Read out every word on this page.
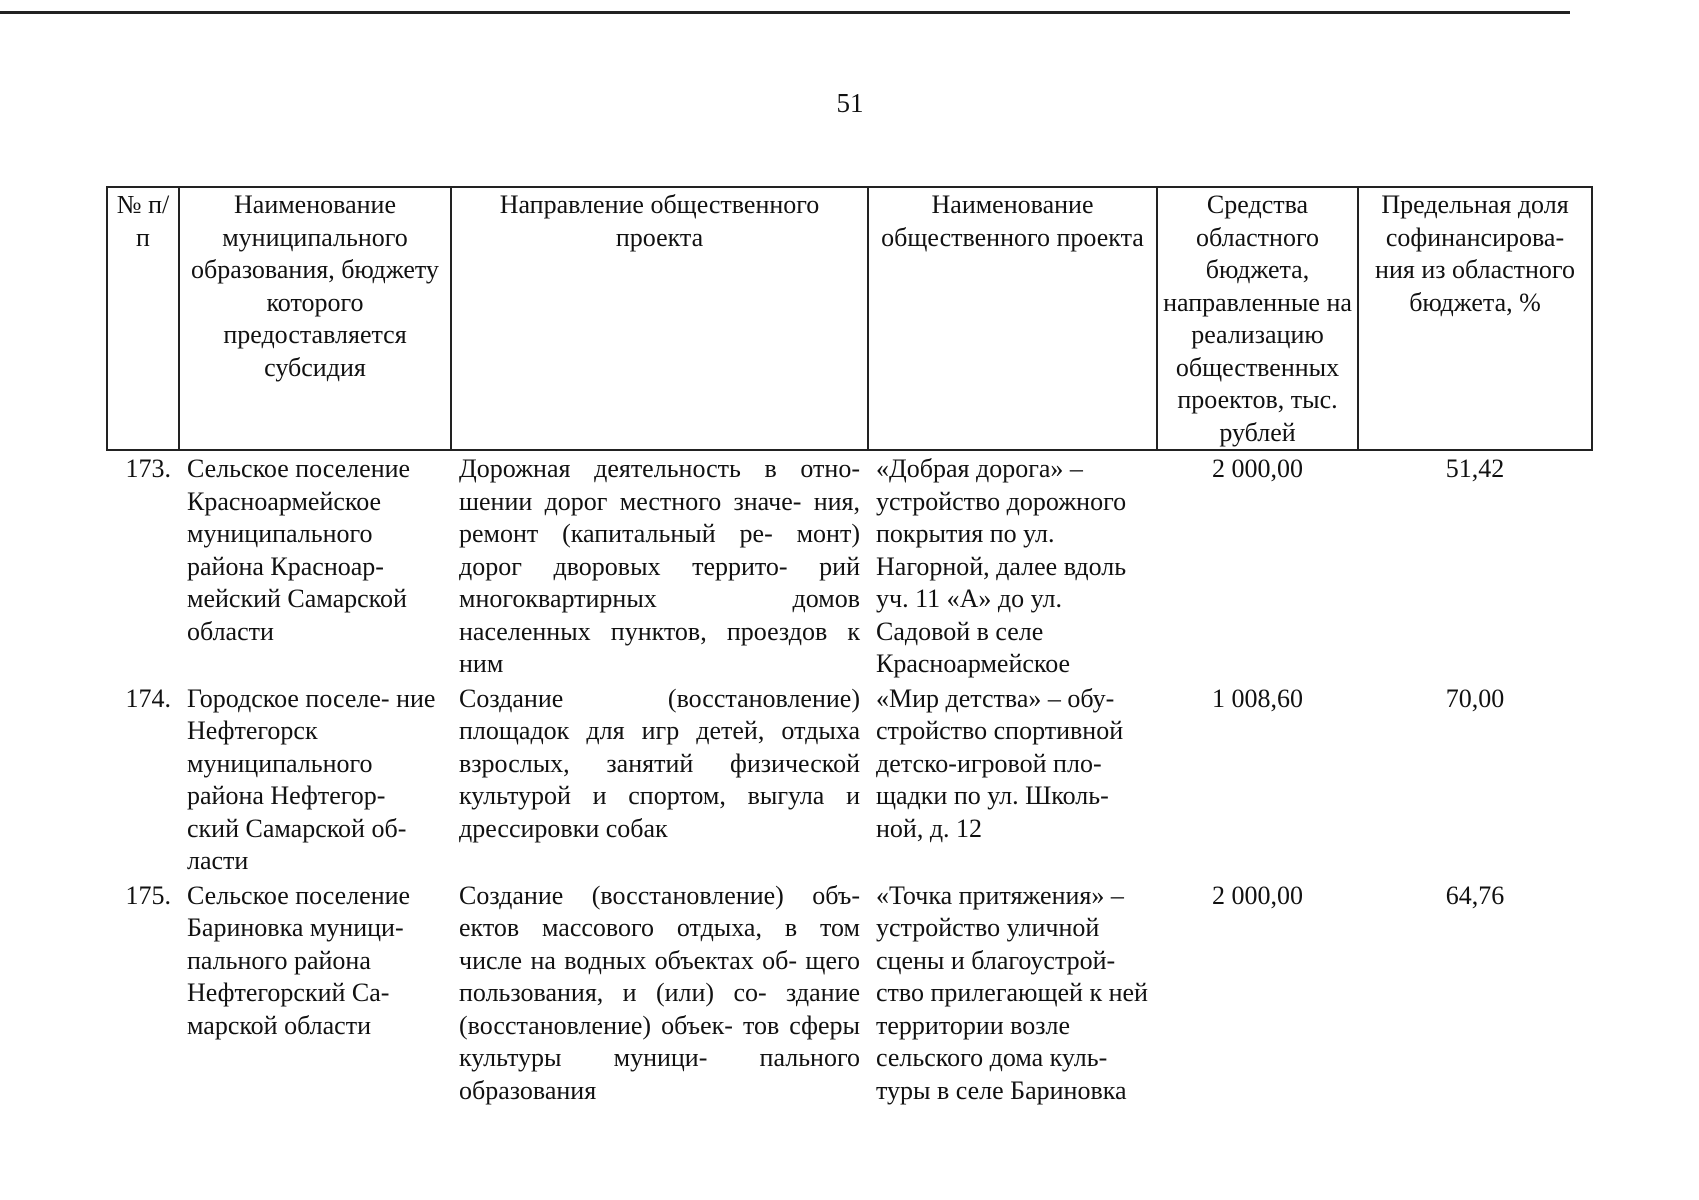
51
№ п/п	Наименование муниципального образования, бюджету которого предоставляется субсидия	Направление общественного проекта	Наименование общественного проекта	Средства областного бюджета, направленные на реализацию общественных проектов, тыс. рублей	Предельная доля софинансирова- ния из областного бюджета, %
173.	Сельское поселение Красноармейское муниципального района Красноар- мейский Самарской области	Дорожная деятельность в отно- шении дорог местного значе- ния, ремонт (капитальный ре- монт) дорог дворовых террито- рий многоквартирных домов населенных пунктов, проездов к ним	«Добрая дорога» – устройство дорожного покрытия по ул. Нагорной, далее вдоль уч. 11 «А» до ул. Садовой в селе Красноармейское	2 000,00	51,42
174.	Городское поселе- ние Нефтегорск муниципального района Нефтегор- ский Самарской об- ласти	Создание (восстановление) площадок для игр детей, отдыха взрослых, занятий физической культурой и спортом, выгула и дрессировки собак	«Мир детства» – обу- стройство спортивной детско-игровой пло- щадки по ул. Школь- ной, д. 12	1 008,60	70,00
175.	Сельское поселение Бариновка муници- пального района Нефтегорский Са- марской области	Создание (восстановление) объ- ектов массового отдыха, в том числе на водных объектах об- щего пользования, и (или) со- здание (восстановление) объек- тов сферы культуры муници- пального образования	«Точка притяжения» – устройство уличной сцены и благоустрой- ство прилегающей к ней территории возле сельского дома куль- туры в селе Бариновка	2 000,00	64,76
